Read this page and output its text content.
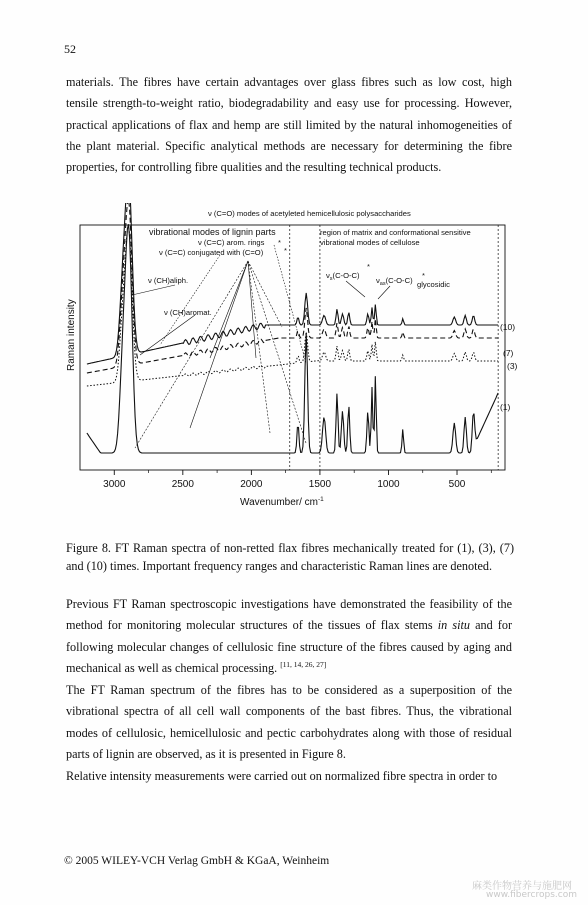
52

materials. The fibres have certain advantages over glass fibres such as low cost, high tensile strength-to-weight ratio, biodegradability and easy use for processing. However, practical applications of flax and hemp are still limited by the natural inhomogeneities of the plant material. Specific analytical methods are necessary for determining the fibre properties, for controlling fibre qualities and the resulting technical products.

ν (C=O) modes of acetyleted hemicellulosic polysaccharides
vibrational modes of lignin parts
ν (C=C) arom. rings *
ν (C=C) conjugated with (C=O)	*
ν (CH)aliph.
ν (CH)aromat.
region of matrix and conformational sensitive
vibrational modes of cellulose
$\nu_s(C-O-C)$
*
$\nu_{as}(C-O-C)$
*
glycosidic
(10)
(7)
(3)
(1)
3000	2500	2000	1500	1000	500
Wavenumber/ $cm^{-1}$
Raman intensity

Figure 8. FT Raman spectra of non-retted flax fibres mechanically treated for (1), (3), (7) and (10) times. Important frequency ranges and characteristic Raman lines are denoted.

Previous FT Raman spectroscopic investigations have demonstrated the feasibility of the method for monitoring molecular structures of the tissues of flax stems in situ and for following molecular changes of cellulosic fine structure of the fibres caused by aging and mechanical as well as chemical processing. [11, 14, 26, 27]

The FT Raman spectrum of the fibres has to be considered as a superposition of the vibrational spectra of all cell wall components of the bast fibres. Thus, the vibrational modes of cellulosic, hemicellulosic and pectic carbohydrates along with those of residual parts of lignin are observed, as it is presented in Figure 8.

Relative intensity measurements were carried out on normalized fibre spectra in order to

© 2005 WILEY-VCH Verlag GmbH & KGaA, Weinheim
麻类作物营养与施肥网
www.fibercrops.com
